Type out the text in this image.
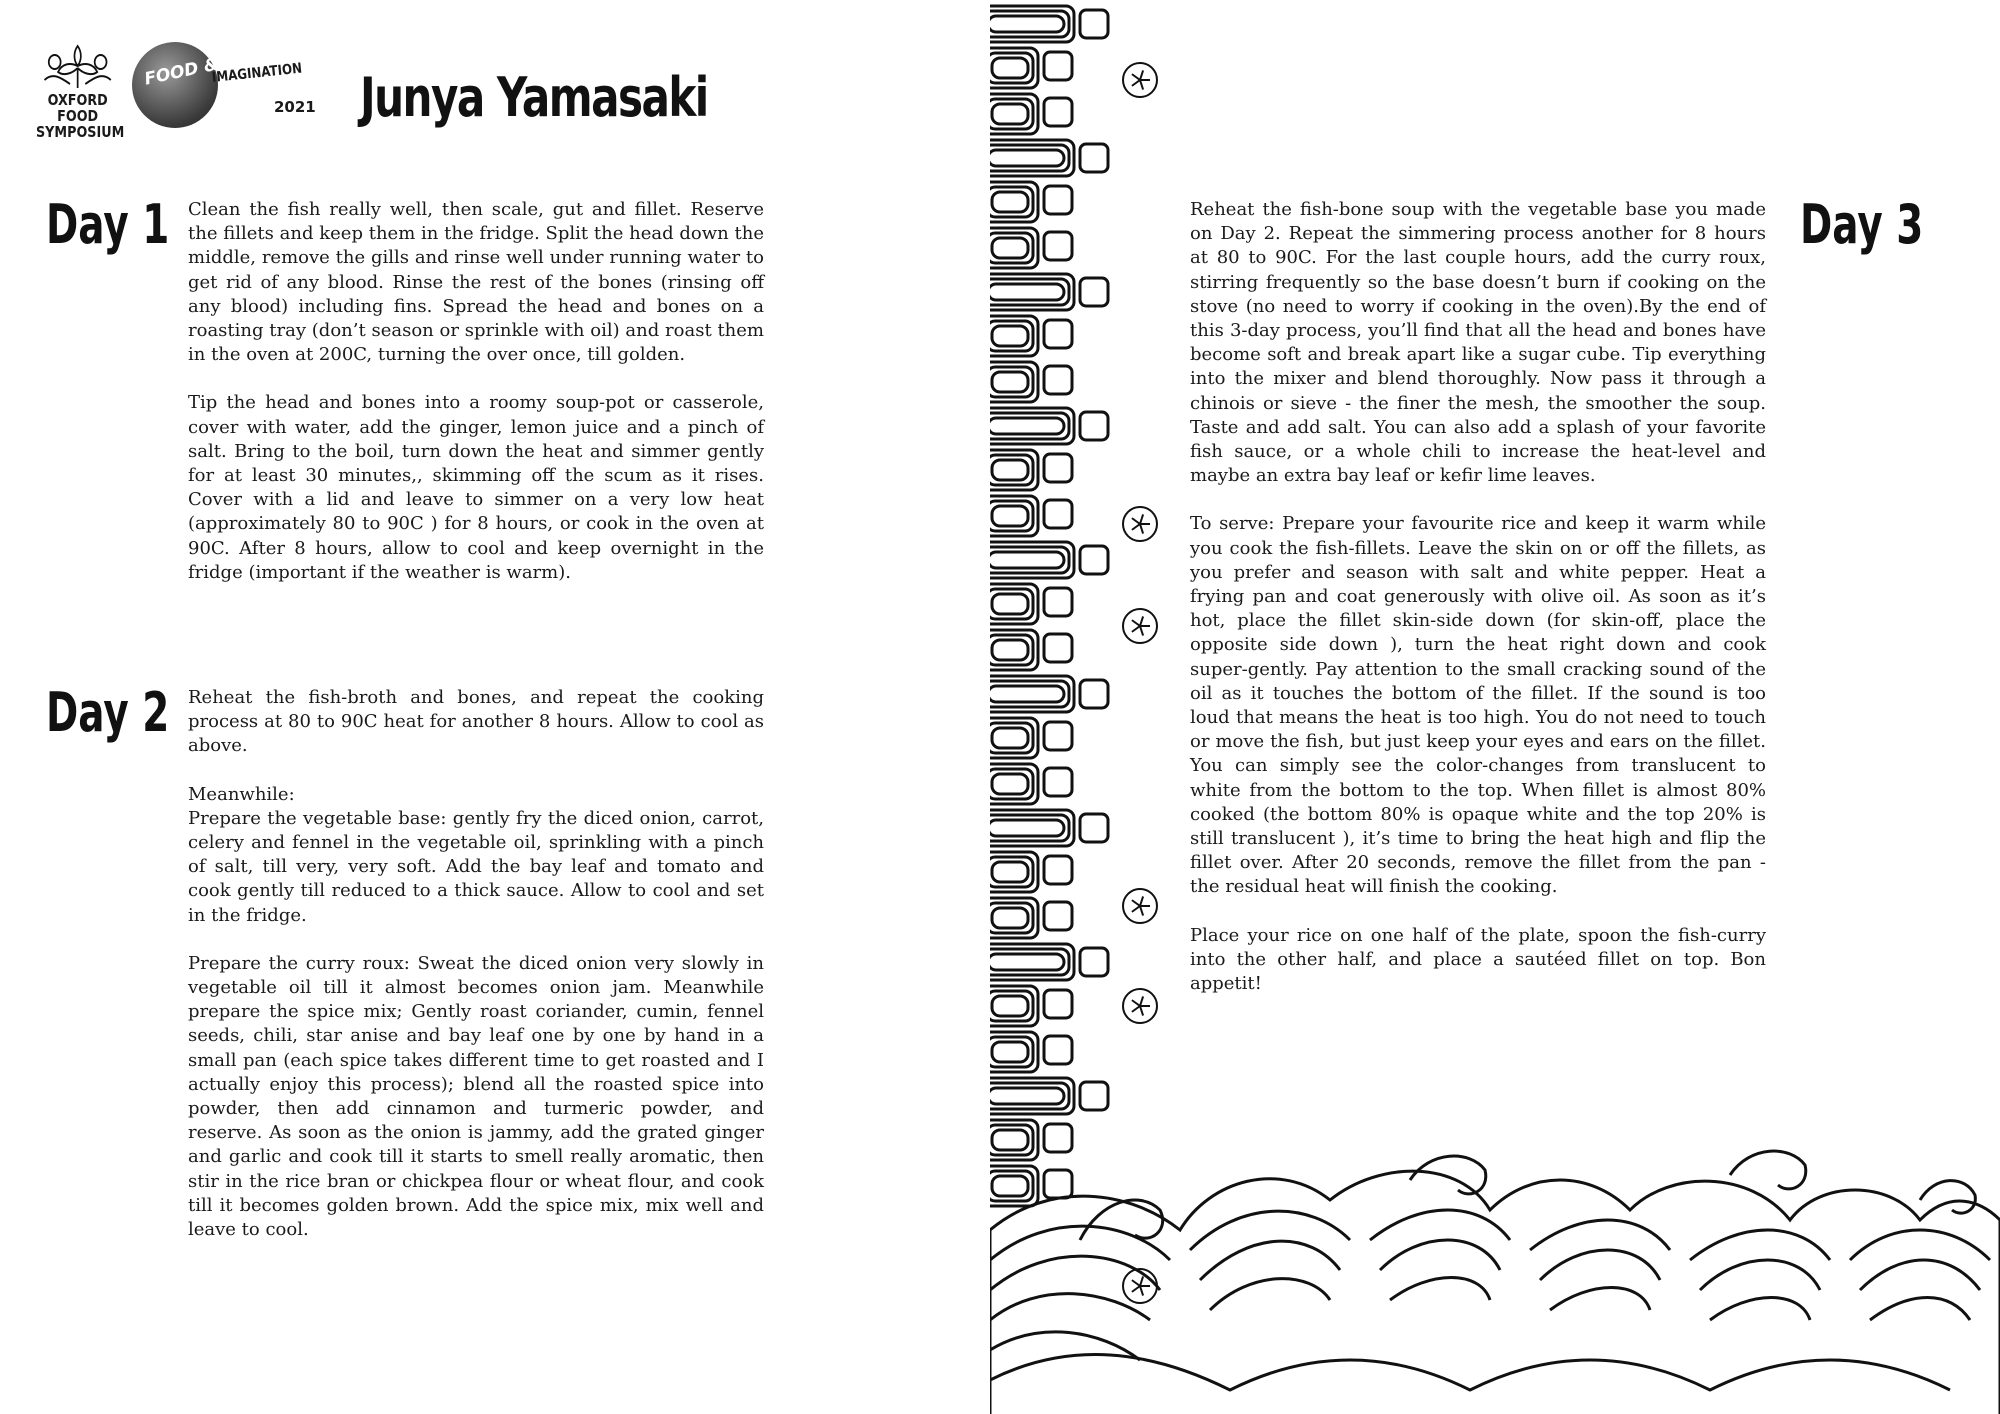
OXFORD FOOD
SYMPOSIUM
FOOD &
IMAGINATION
2021 Junya Yamasaki
Day 1 Clean the fish really well, then scale, gut and fillet. Reserve the fillets and keep them in the fridge. Split the head down the middle, remove the gills and rinse well under running water to get rid of any blood. Rinse the rest of the bones (rinsing off any blood) including fins. Spread the head and bones on a roasting tray (don’t season or sprinkle with oil) and roast them in the oven at 200C, turning the over once, till golden.

Tip the head and bones into a roomy soup-pot or casserole, cover with water, add the ginger, lemon juice and a pinch of salt. Bring to the boil, turn down the heat and simmer gently for at least 30 minutes,, skimming off the scum as it rises. Cover with a lid and leave to simmer on a very low heat (approximately 80 to 90C ) for 8 hours, or cook in the oven at 90C. After 8 hours, allow to cool and keep overnight in the fridge (important if the weather is warm).

Day 2 Reheat the fish-broth and bones, and repeat the cooking process at 80 to 90C heat for another 8 hours. Allow to cool as above.

Meanwhile:

Prepare the vegetable base: gently fry the diced onion, carrot, celery and fennel in the vegetable oil, sprinkling with a pinch of salt, till very, very soft. Add the bay leaf and tomato and cook gently till reduced to a thick sauce. Allow to cool and set in the fridge.

Prepare the curry roux: Sweat the diced onion very slowly in vegetable oil till it almost becomes onion jam. Meanwhile prepare the spice mix; Gently roast coriander, cumin, fennel seeds, chili, star anise and bay leaf one by one by hand in a small pan (each spice takes different time to get roasted and I actually enjoy this process); blend all the roasted spice into powder, then add cinnamon and turmeric powder, and reserve. As soon as the onion is jammy, add the grated ginger and garlic and cook till it starts to smell really aromatic, then stir in the rice bran or chickpea flour or wheat flour, and cook till it becomes golden brown. Add the spice mix, mix well and leave to cool.

Reheat the fish-bone soup with the vegetable base you made on Day 2. Repeat the simmering process another for 8 hours at 80 to 90C. For the last couple hours, add the curry roux, stirring frequently so the base doesn’t burn if cooking on the stove (no need to worry if cooking in the oven).By the end of this 3-day process, you’ll find that all the head and bones have become soft and break apart like a sugar cube. Tip everything into the mixer and blend thoroughly. Now pass it through a chinois or sieve - the finer the mesh, the smoother the soup. Taste and add salt. You can also add a splash of your favorite fish sauce, or a whole chili to increase the heat-level and maybe an extra bay leaf or kefir lime leaves.

To serve: Prepare your favourite rice and keep it warm while you cook the fish-fillets. Leave the skin on or off the fillets, as you prefer and season with salt and white pepper. Heat a frying pan and coat generously with olive oil. As soon as it’s hot, place the fillet skin-side down (for skin-off, place the opposite side down ), turn the heat right down and cook super-gently. Pay attention to the small cracking sound of the oil as it touches the bottom of the fillet. If the sound is too loud that means the heat is too high. You do not need to touch or move the fish, but just keep your eyes and ears on the fillet. You can simply see the color-changes from translucent to white from the bottom to the top. When fillet is almost 80% cooked (the bottom 80% is opaque white and the top 20% is still translucent ), it’s time to bring the heat high and flip the fillet over. After 20 seconds, remove the fillet from the pan - the residual heat will finish the cooking.

Place your rice on one half of the plate, spoon the fish-curry into the other half, and place a sautéed fillet on top. Bon appetit!

Day 3
